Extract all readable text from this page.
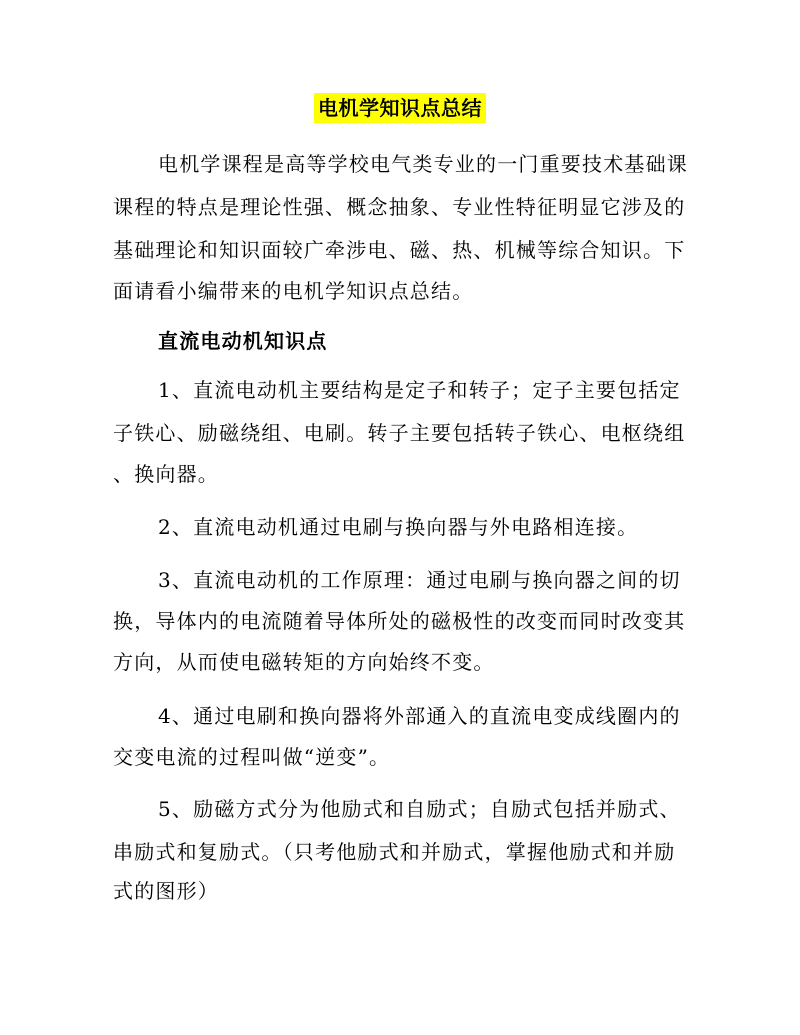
电机学知识点总结
电机学课程是高等学校电气类专业的一门重要技术基础课
课程的特点是理论性强、概念抽象、专业性特征明显它涉及的
基础理论和知识面较广牵涉电、磁、热、机械等综合知识。下
面请看小编带来的电机学知识点总结。
直流电动机知识点
1、直流电动机主要结构是定子和转子；定子主要包括定
子铁心、励磁绕组、电刷。转子主要包括转子铁心、电枢绕组
、换向器。
2、直流电动机通过电刷与换向器与外电路相连接。
3、直流电动机的工作原理：通过电刷与换向器之间的切
换，导体内的电流随着导体所处的磁极性的改变而同时改变其
方向，从而使电磁转矩的方向始终不变。
4、通过电刷和换向器将外部通入的直流电变成线圈内的
交变电流的过程叫做“逆变”。
5、励磁方式分为他励式和自励式；自励式包括并励式、
串励式和复励式。（只考他励式和并励式，掌握他励式和并励
式的图形）
